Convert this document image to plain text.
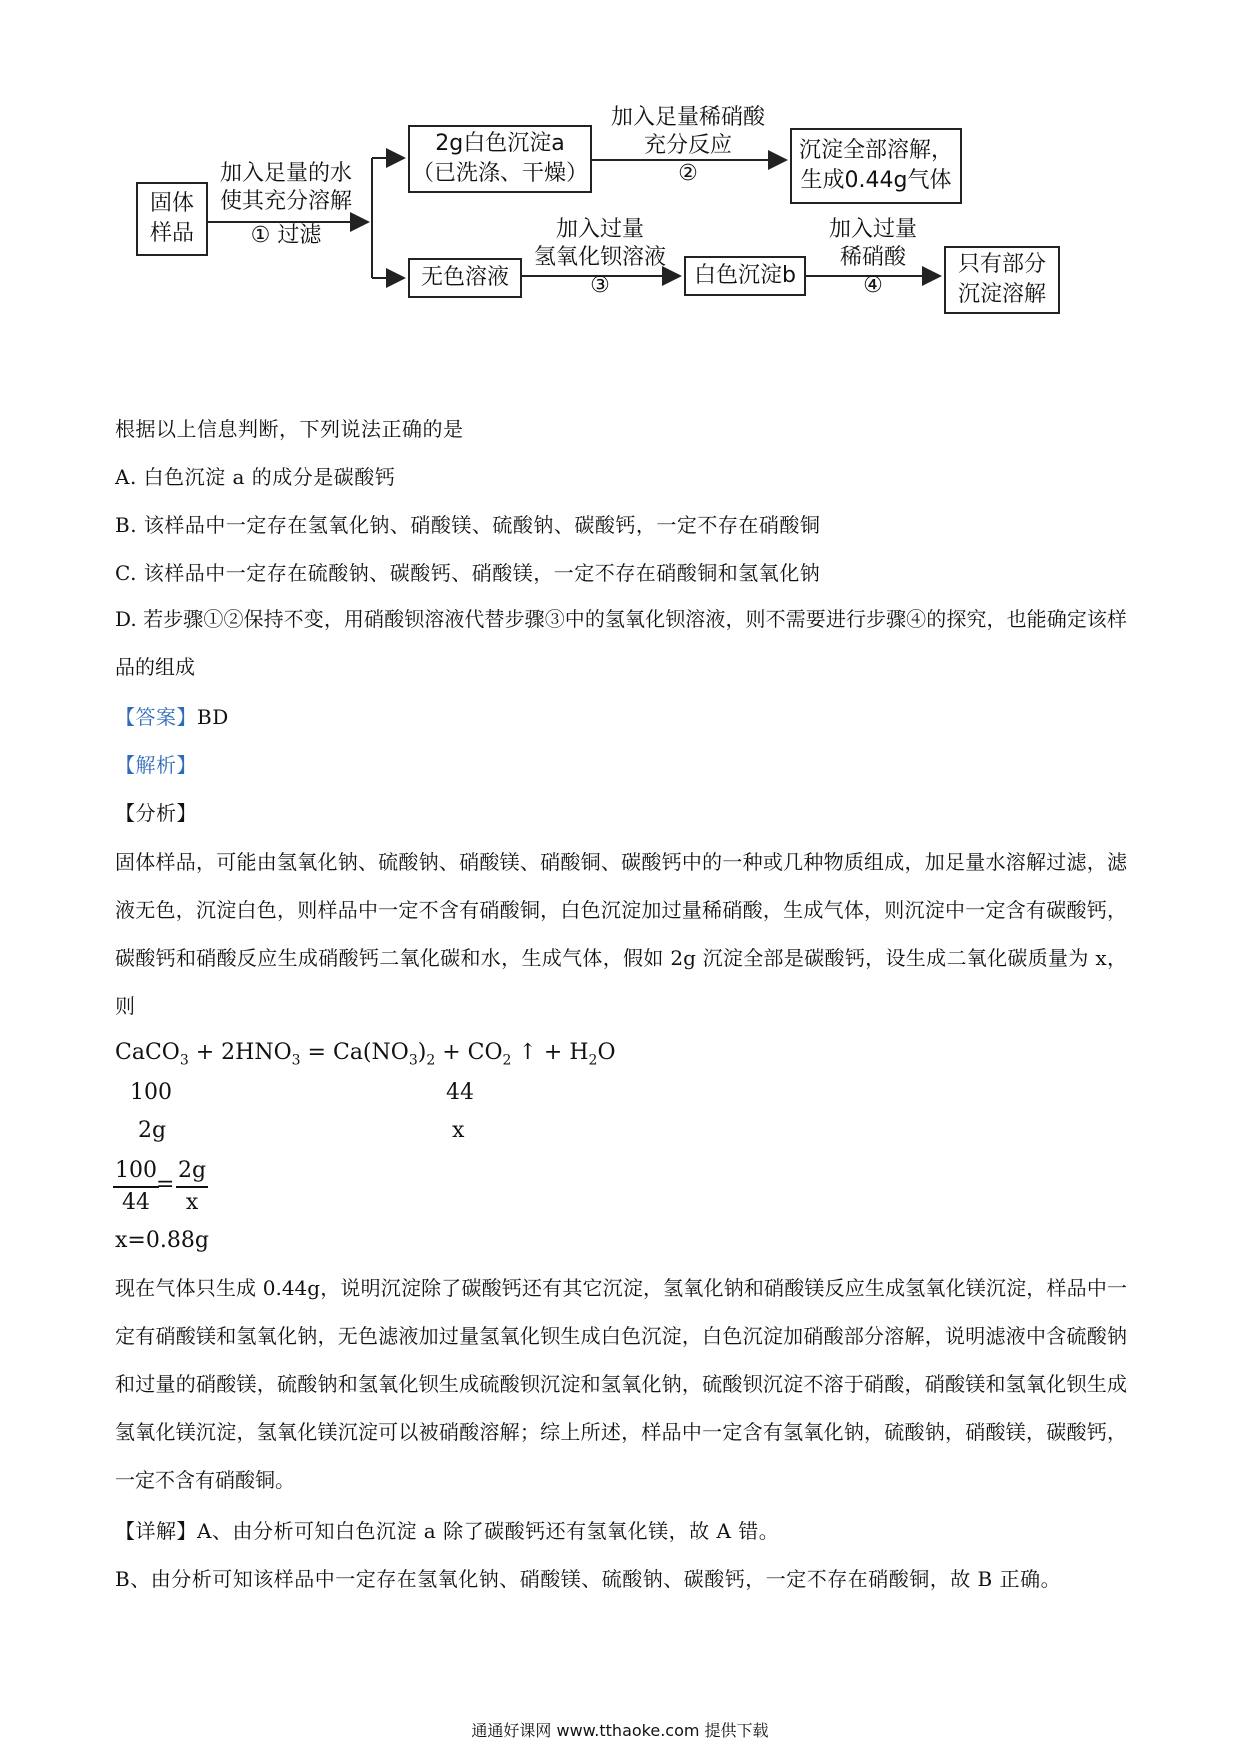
固体
样品
加入足量的水
使其充分溶解
① 过滤
2g白色沉淀a
（已洗涤、干燥）
加入足量稀硝酸
充分反应
②
沉淀全部溶解，
生成0.44g气体
无色溶液
加入过量
氢氧化钡溶液
③	白色沉淀b
加入过量
稀硝酸
④
只有部分
沉淀溶解
根据以上信息判断，下列说法正确的是
A. 白色沉淀 a 的成分是碳酸钙
B. 该样品中一定存在氢氧化钠、硝酸镁、硫酸钠、碳酸钙，一定不存在硝酸铜
C. 该样品中一定存在硫酸钠、碳酸钙、硝酸镁，一定不存在硝酸铜和氢氧化钠
D. 若步骤①②保持不变，用硝酸钡溶液代替步骤③中的氢氧化钡溶液，则不需要进行步骤④的探究，也能确定该样品的组成
【答案】BD
【解析】
【分析】
固体样品，可能由氢氧化钠、硫酸钠、硝酸镁、硝酸铜、碳酸钙中的一种或几种物质组成，加足量水溶解过滤，滤液无色，沉淀白色，则样品中一定不含有硝酸铜，白色沉淀加过量稀硝酸，生成气体，则沉淀中一定含有碳酸钙，碳酸钙和硝酸反应生成硝酸钙二氧化碳和水，生成气体，假如 2g 沉淀全部是碳酸钙，设生成二氧化碳质量为 x，则
CaCO$_3$ + $2HNO_3 = Ca(NO_3)_2 + CO_2$ ↑ + $H_2O$
100	44
2g	x
$\frac{100}{44}$
= $\frac{2g}{x}$
x=0.88g
现在气体只生成 0.44g，说明沉淀除了碳酸钙还有其它沉淀，氢氧化钠和硝酸镁反应生成氢氧化镁沉淀，样品中一定有硝酸镁和氢氧化钠，无色滤液加过量氢氧化钡生成白色沉淀，白色沉淀加硝酸部分溶解，说明滤液中含硫酸钠和过量的硝酸镁，硫酸钠和氢氧化钡生成硫酸钡沉淀和氢氧化钠，硫酸钡沉淀不溶于硝酸，硝酸镁和氢氧化钡生成氢氧化镁沉淀，氢氧化镁沉淀可以被硝酸溶解；综上所述，样品中一定含有氢氧化钠，硫酸钠，硝酸镁，碳酸钙，一定不含有硝酸铜。
【详解】A、由分析可知白色沉淀 a 除了碳酸钙还有氢氧化镁，故 A 错。
B、由分析可知该样品中一定存在氢氧化钠、硝酸镁、硫酸钠、碳酸钙，一定不存在硝酸铜，故 B 正确。
通通好课网 www.tthaoke.com 提供下载
